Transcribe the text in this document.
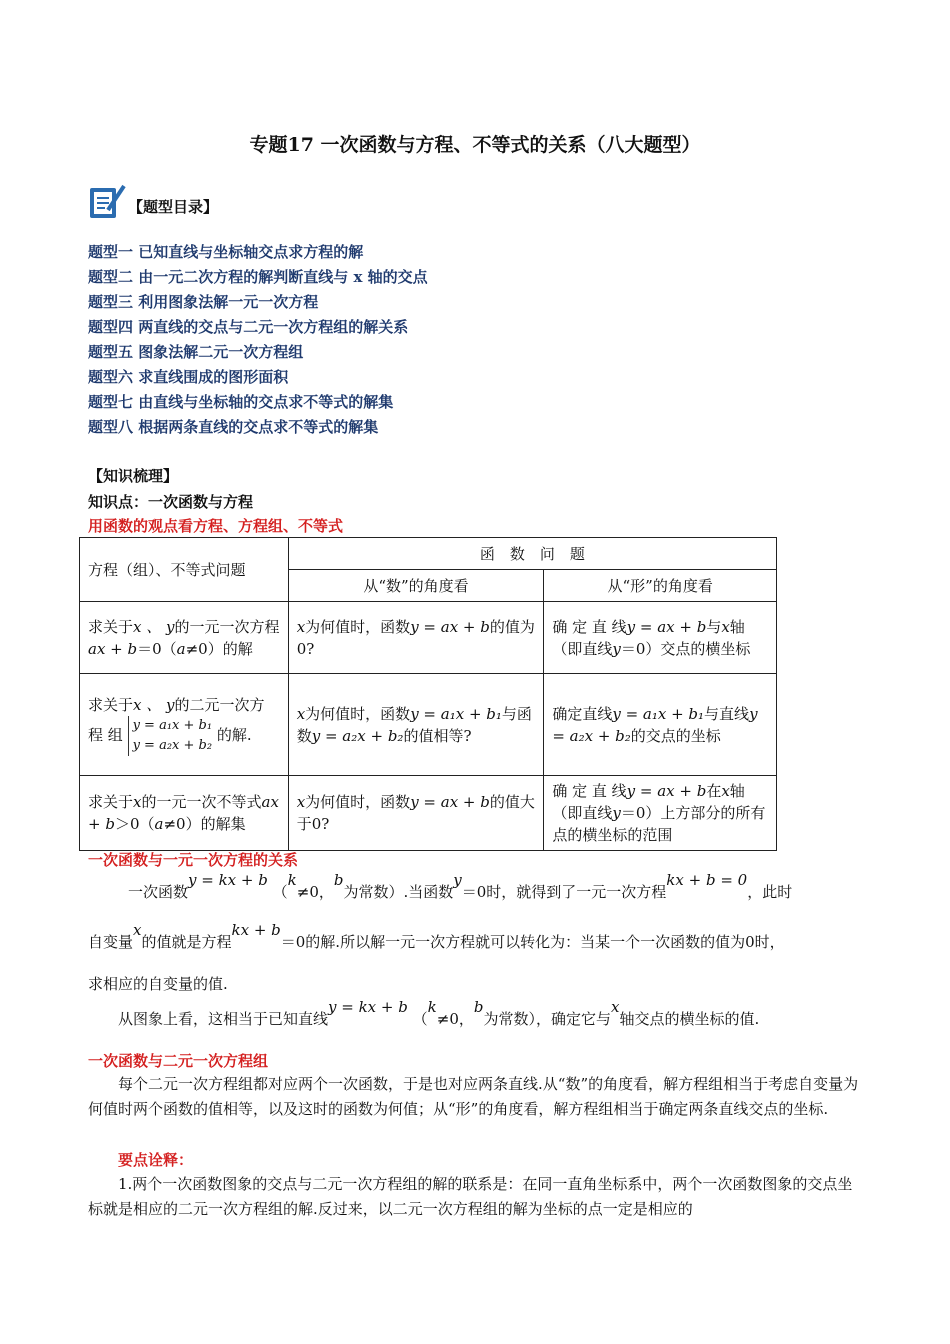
专题17 一次函数与方程、不等式的关系（八大题型）
【题型目录】
题型一 已知直线与坐标轴交点求方程的解
题型二 由一元二次方程的解判断直线与 x 轴的交点
题型三 利用图象法解一元一次方程
题型四 两直线的交点与二元一次方程组的解关系
题型五 图象法解二元一次方程组
题型六 求直线围成的图形面积
题型七 由直线与坐标轴的交点求不等式的解集
题型八 根据两条直线的交点求不等式的解集
【知识梳理】
知识点：一次函数与方程
用函数的观点看方程、方程组、不等式
方程（组）、不等式问题	函　数　问　题	
	从“数”的角度看	从“形”的角度看
求关于x 、 y的一元一次方程ax + b＝0（a≠0）的解	x为何值时，函数y = ax + b的值为0?	确 定 直 线y = ax + b与x轴（即直线y＝0）交点的横坐标
求关于x 、 y的二元一次方 程 组 y = a₁x + b₁
y = a₂x + b₂ 的解.	x为何值时，函数y = a₁x + b₁与函数y = a₂x + b₂的值相等?	确定直线y = a₁x + b₁与直线y = a₂x + b₂的交点的坐标
求关于x的一元一次不等式ax + b＞0（a≠0）的解集	x为何值时，函数y = ax + b的值大于0?	确 定 直 线y = ax + b在x轴（即直线y＝0）上方部分的所有点的横坐标的范围
一次函数与一元一次方程的关系
一次函数y = kx + b （k≠0，b为常数）.当函数y＝0时，就得到了一元一次方程kx + b = 0，此时
自变量x的值就是方程kx + b＝0的解.所以解一元一次方程就可以转化为：当某一个一次函数的值为0时，
求相应的自变量的值.
从图象上看，这相当于已知直线y = kx + b （k≠0，b为常数），确定它与x轴交点的横坐标的值.
一次函数与二元一次方程组
每个二元一次方程组都对应两个一次函数，于是也对应两条直线.从“数”的角度看，解方程组相当于考虑自变量为何值时两个函数的值相等，以及这时的函数为何值；从“形”的角度看，解方程组相当于确定两条直线交点的坐标.
要点诠释：
1.两个一次函数图象的交点与二元一次方程组的解的联系是：在同一直角坐标系中，两个一次函数图象的交点坐标就是相应的二元一次方程组的解.反过来，以二元一次方程组的解为坐标的点一定是相应的
